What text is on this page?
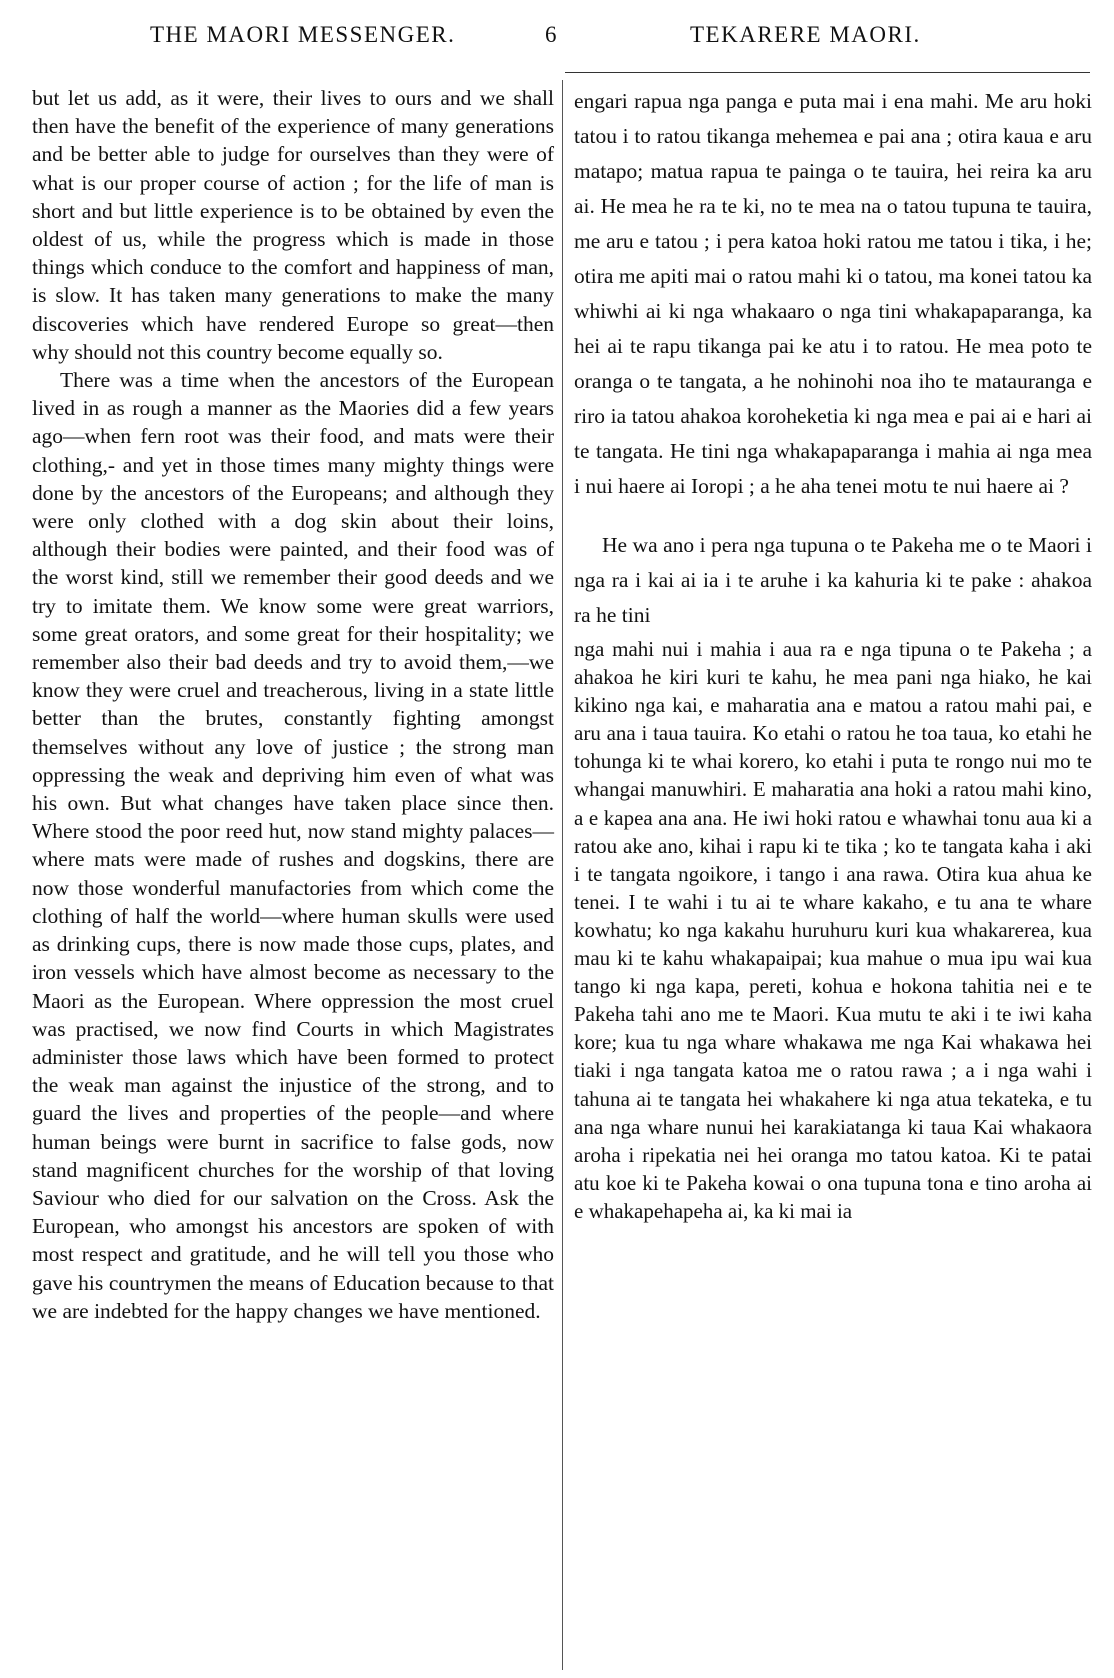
THE MAORI MESSENGER.	6	TEKARERE MAORI.

but let us add, as it were, their lives to ours and we shall then have the benefit of the experience of many generations and be better able to judge for ourselves than they were of what is our proper course of action ; for the life of man is short and but little experience is to be obtained by even the oldest of us, while the progress which is made in those things which conduce to the comfort and happiness of man, is slow. It has taken many generations to make the many discoveries which have rendered Europe so great—then why should not this country become equally so.

There was a time when the ancestors of the European lived in as rough a manner as the Maories did a few years ago—when fern root was their food, and mats were their clothing,- and yet in those times many mighty things were done by the ancestors of the Europeans; and although they were only clothed with a dog skin about their loins, although their bodies were painted, and their food was of the worst kind, still we remember their good deeds and we try to imitate them. We know some were great warriors, some great orators, and some great for their hospitality; we remember also their bad deeds and try to avoid them,—we know they were cruel and treacherous, living in a state little better than the brutes, constantly fighting amongst themselves without any love of justice ; the strong man oppressing the weak and depriving him even of what was his own. But what changes have taken place since then. Where stood the poor reed hut, now stand mighty palaces—where mats were made of rushes and dogskins, there are now those wonderful manufactories from which come the clothing of half the world—where human skulls were used as drinking cups, there is now made those cups, plates, and iron vessels which have almost become as necessary to the Maori as the European. Where oppression the most cruel was practised, we now find Courts in which Magistrates administer those laws which have been formed to protect the weak man against the injustice of the strong, and to guard the lives and properties of the people—and where human beings were burnt in sacrifice to false gods, now stand magnificent churches for the worship of that loving Saviour who died for our salvation on the Cross. Ask the European, who amongst his ancestors are spoken of with most respect and gratitude, and he will tell you those who gave his countrymen the means of Education because to that we are indebted for the happy changes we have mentioned.

engari rapua nga panga e puta mai i ena mahi. Me aru hoki tatou i to ratou tikanga mehemea e pai ana ; otira kaua e aru matapo; matua rapua te painga o te tauira, hei reira ka aru ai. He mea he ra te ki, no te mea na o tatou tupuna te tauira, me aru e tatou ; i pera katoa hoki ratou me tatou i tika, i he; otira me apiti mai o ratou mahi ki o tatou, ma konei tatou ka whiwhi ai ki nga whakaaro o nga tini whakapaparanga, ka hei ai te rapu tikanga pai ke atu i to ratou. He mea poto te oranga o te tangata, a he nohinohi noa iho te matauranga e riro ia tatou ahakoa koroheketia ki nga mea e pai ai e hari ai te tangata. He tini nga whakapaparanga i mahia ai nga mea i nui haere ai Ioropi ; a he aha tenei motu te nui haere ai ?

He wa ano i pera nga tupuna o te Pakeha me o te Maori i nga ra i kai ai ia i te aruhe i ka kahuria ki te pake : ahakoa ra he tini

nga mahi nui i mahia i aua ra e nga tipuna o te Pakeha ; a ahakoa he kiri kuri te kahu, he mea pani nga hiako, he kai kikino nga kai, e maharatia ana e matou a ratou mahi pai, e aru ana i taua tauira. Ko etahi o ratou he toa taua, ko etahi he tohunga ki te whai korero, ko etahi i puta te rongo nui mo te whangai manuwhiri. E maharatia ana hoki a ratou mahi kino, a e kapea ana ana. He iwi hoki ratou e whawhai tonu aua ki a ratou ake ano, kihai i rapu ki te tika ; ko te tangata kaha i aki i te tangata ngoikore, i tango i ana rawa. Otira kua ahua ke tenei. I te wahi i tu ai te whare kakaho, e tu ana te whare kowhatu; ko nga kakahu huruhuru kuri kua whakarerea, kua mau ki te kahu whakapaipai; kua mahue o mua ipu wai kua tango ki nga kapa, pereti, kohua e hokona tahitia nei e te Pakeha tahi ano me te Maori. Kua mutu te aki i te iwi kaha kore; kua tu nga whare whakawa me nga Kai whakawa hei tiaki i nga tangata katoa me o ratou rawa ; a i nga wahi i tahuna ai te tangata hei whakahere ki nga atua tekateka, e tu ana nga whare nunui hei karakiatanga ki taua Kai whakaora aroha i ripekatia nei hei oranga mo tatou katoa. Ki te patai atu koe ki te Pakeha kowai o ona tupuna tona e tino aroha ai e whakapehapeha ai, ka ki mai ia
